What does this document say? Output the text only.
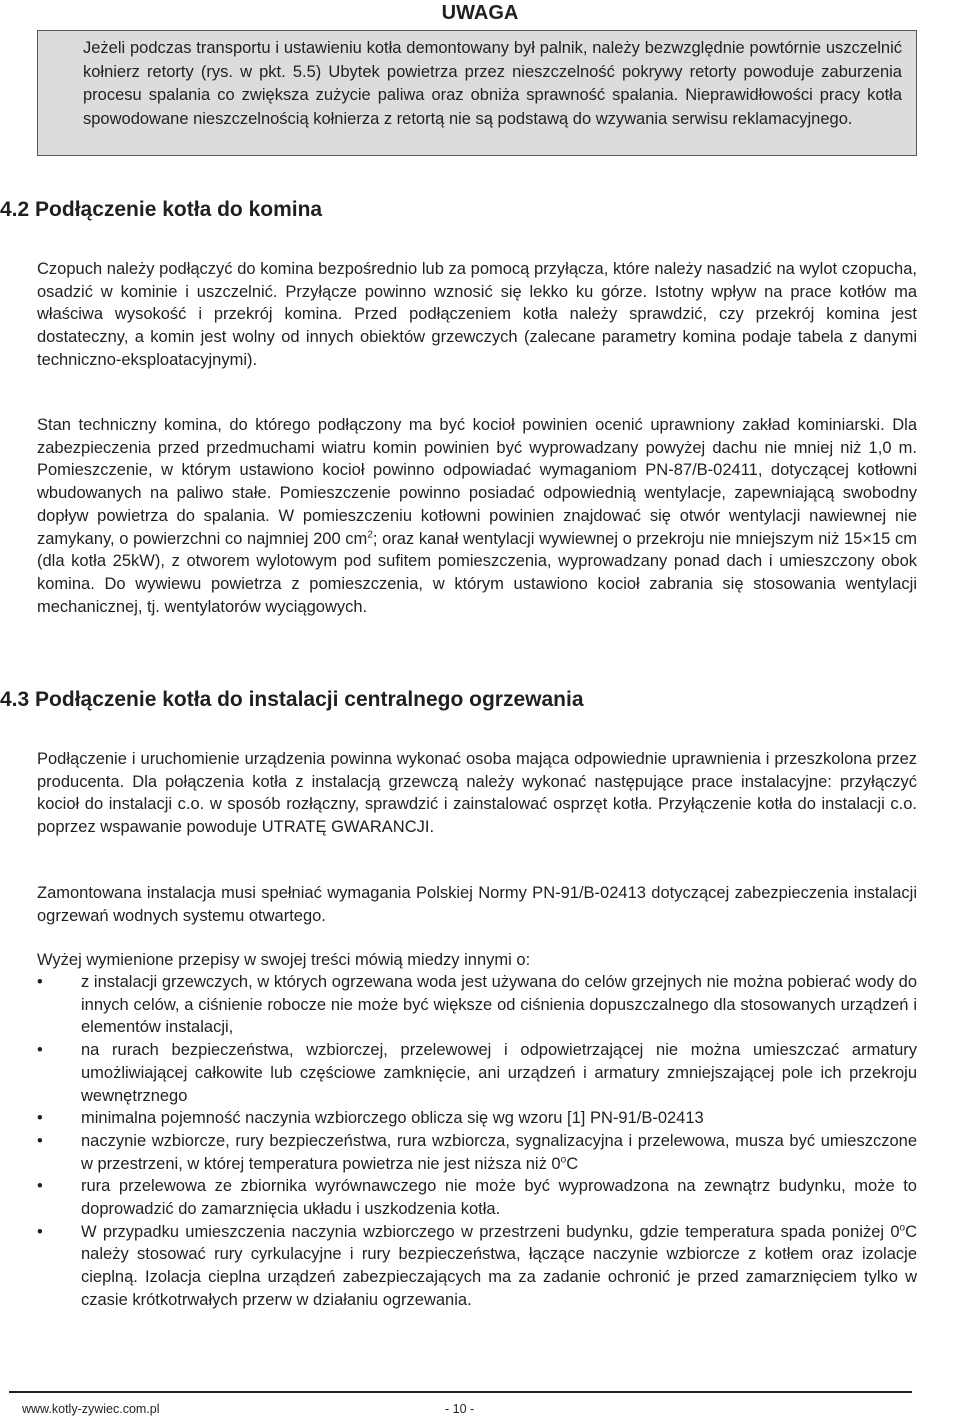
UWAGA
Jeżeli podczas transportu i ustawieniu kotła demontowany był palnik, należy bezwzględnie powtórnie uszczelnić kołnierz retorty (rys. w pkt. 5.5) Ubytek powietrza przez nieszczelność pokrywy retorty powoduje zaburzenia procesu spalania co zwiększa zużycie paliwa oraz obniża sprawność spalania. Nieprawidłowości pracy kotła spowodowane nieszczelnością kołnierza z retortą nie są podstawą do wzywania serwisu reklamacyjnego.
4.2 Podłączenie kotła do komina

Czopuch należy podłączyć do komina bezpośrednio lub za pomocą przyłącza, które należy nasadzić na wylot czopucha, osadzić w kominie i uszczelnić. Przyłącze powinno wznosić się lekko ku górze. Istotny wpływ na prace kotłów ma właściwa wysokość i przekrój komina. Przed podłączeniem kotła należy sprawdzić, czy przekrój komina jest dostateczny, a komin jest wolny od innych obiektów grzewczych (zalecane parametry komina podaje tabela z danymi techniczno-eksploatacyjnymi).

Stan techniczny komina, do którego podłączony ma być kocioł powinien ocenić uprawniony zakład kominiarski. Dla zabezpieczenia przed przedmuchami wiatru komin powinien być wyprowadzany powyżej dachu nie mniej niż 1,0 m. Pomieszczenie, w którym ustawiono kocioł powinno odpowiadać wymaganiom PN-87/B-02411, dotyczącej kotłowni wbudowanych na paliwo stałe. Pomieszczenie powinno posiadać odpowiednią wentylacje, zapewniającą swobodny dopływ powietrza do spalania. W pomieszczeniu kotłowni powinien znajdować się otwór wentylacji nawiewnej nie zamykany, o powierzchni co najmniej 200 $cm^2$; oraz kanał wentylacji wywiewnej o przekroju nie mniejszym niż 15×15 cm (dla kotła 25kW), z otworem wylotowym pod sufitem pomieszczenia, wyprowadzany ponad dach i umieszczony obok komina. Do wywiewu powietrza z pomieszczenia, w którym ustawiono kocioł zabrania się stosowania wentylacji mechanicznej, tj. wentylatorów wyciągowych.

4.3 Podłączenie kotła do instalacji centralnego ogrzewania

Podłączenie i uruchomienie urządzenia powinna wykonać osoba mająca odpowiednie uprawnienia i przeszkolona przez producenta. Dla połączenia kotła z instalacją grzewczą należy wykonać następujące prace instalacyjne: przyłączyć kocioł do instalacji c.o. w sposób rozłączny, sprawdzić i zainstalować osprzęt kotła. Przyłączenie kotła do instalacji c.o. poprzez wspawanie powoduje UTRATĘ GWARANCJI.

Zamontowana instalacja musi spełniać wymagania Polskiej Normy PN-91/B-02413 dotyczącej zabezpieczenia instalacji ogrzewań wodnych systemu otwartego.

Wyżej wymienione przepisy w swojej treści mówią miedzy innymi o:

• z instalacji grzewczych, w których ogrzewana woda jest używana do celów grzejnych nie można pobierać wody do innych celów, a ciśnienie robocze nie może być większe od ciśnienia dopuszczalnego dla stosowanych urządzeń i elementów instalacji,
• na rurach bezpieczeństwa, wzbiorczej, przelewowej i odpowietrzającej nie można umieszczać armatury umożliwiającej całkowite lub częściowe zamknięcie, ani urządzeń i armatury zmniejszającej pole ich przekroju wewnętrznego
• minimalna pojemność naczynia wzbiorczego oblicza się wg wzoru [1] PN-91/B-02413
• naczynie wzbiorcze, rury bezpieczeństwa, rura wzbiorcza, sygnalizacyjna i przelewowa, musza być umieszczone w przestrzeni, w której temperatura powietrza nie jest niższa niż 0$^o$C
• rura przelewowa ze zbiornika wyrównawczego nie może być wyprowadzona na zewnątrz budynku, może to doprowadzić do zamarznięcia układu i uszkodzenia kotła.
• W przypadku umieszczenia naczynia wzbiorczego w przestrzeni budynku, gdzie temperatura spada poniżej 0$^o$C należy stosować rury cyrkulacyjne i rury bezpieczeństwa, łączące naczynie wzbiorcze z kotłem oraz izolacje cieplną. Izolacja cieplna urządzeń zabezpieczających ma za zadanie ochronić je przed zamarznięciem tylko w czasie krótkotrwałych przerw w działaniu ogrzewania.
www.kotly-zywiec.com.pl	- 10 -
